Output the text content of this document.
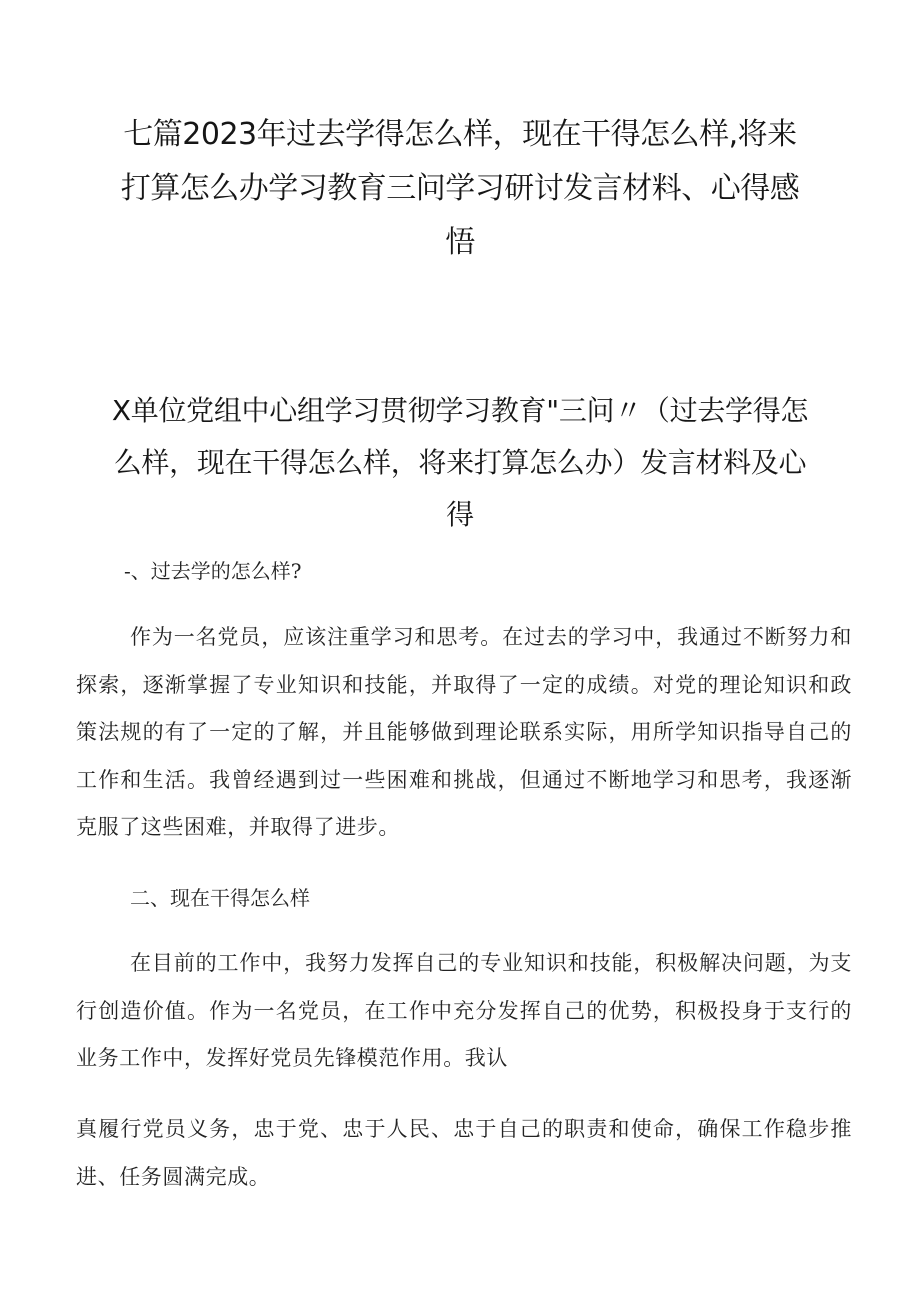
七篇2023年过去学得怎么样，现在干得怎么样,将来打算怎么办学习教育三问学习研讨发言材料、心得感悟
X单位党组中心组学习贯彻学习教育"三问〃（过去学得怎么样，现在干得怎么样，将来打算怎么办）发言材料及心得
-、过去学的怎么样?

作为一名党员，应该注重学习和思考。在过去的学习中，我通过不断努力和探索，逐渐掌握了专业知识和技能，并取得了一定的成绩。对党的理论知识和政策法规的有了一定的了解，并且能够做到理论联系实际，用所学知识指导自己的工作和生活。我曾经遇到过一些困难和挑战，但通过不断地学习和思考，我逐渐克服了这些困难，并取得了进步。

二、现在干得怎么样

在目前的工作中，我努力发挥自己的专业知识和技能，积极解决问题，为支行创造价值。作为一名党员，在工作中充分发挥自己的优势，积极投身于支行的业务工作中，发挥好党员先锋模范作用。我认

真履行党员义务，忠于党、忠于人民、忠于自己的职责和使命，确保工作稳步推进、任务圆满完成。
